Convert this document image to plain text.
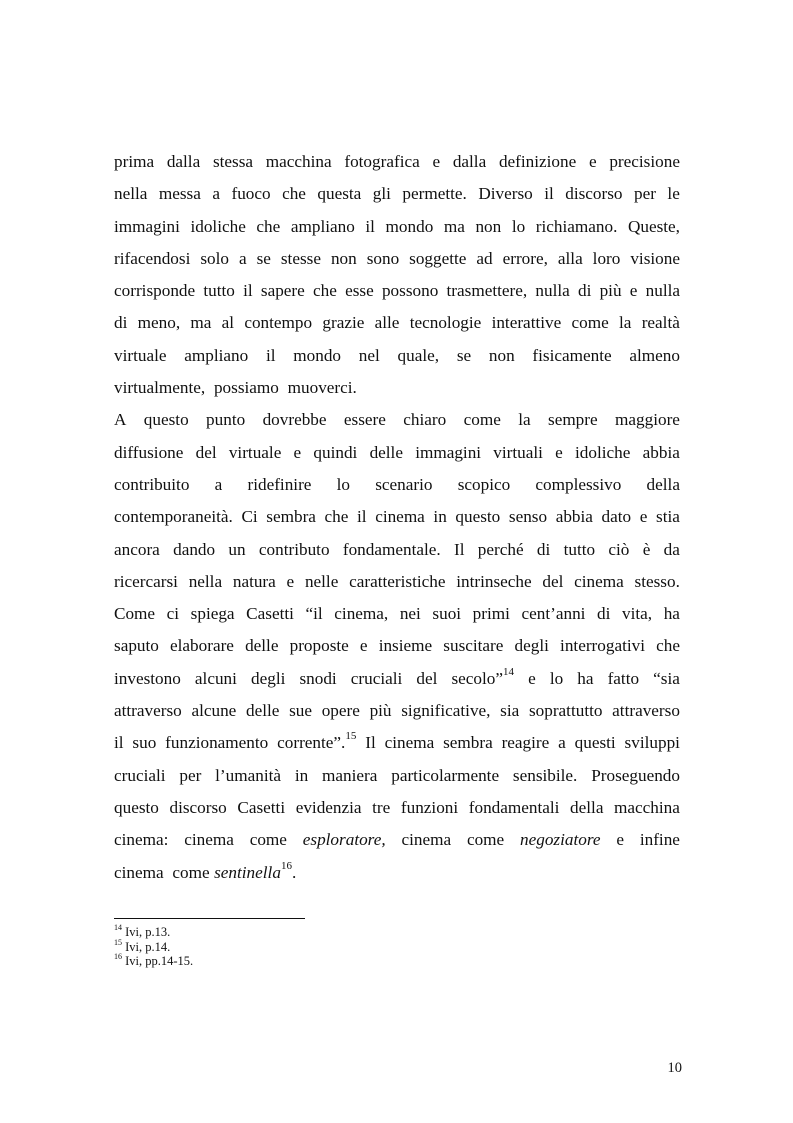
prima dalla stessa macchina fotografica e dalla definizione e precisione
nella messa a fuoco che questa gli permette. Diverso il discorso per le
immagini idoliche che ampliano il mondo ma non lo richiamano. Queste,
rifacendosi solo a se stesse non sono soggette ad errore, alla loro visione
corrisponde tutto il sapere che esse possono trasmettere, nulla di più e nulla
di meno, ma al contempo grazie alle tecnologie interattive come la realtà
virtuale ampliano il mondo nel quale, se non fisicamente almeno
virtualmente, possiamo muoverci.
A questo punto dovrebbe essere chiaro come la sempre maggiore
diffusione del virtuale e quindi delle immagini virtuali e idoliche abbia
contribuito a ridefinire lo scenario scopico complessivo della
contemporaneità. Ci sembra che il cinema in questo senso abbia dato e stia
ancora dando un contributo fondamentale. Il perché di tutto ciò è da
ricercarsi nella natura e nelle caratteristiche intrinseche del cinema stesso.
Come ci spiega Casetti “il cinema, nei suoi primi cent’anni di vita, ha
saputo elaborare delle proposte e insieme suscitare degli interrogativi che
investono alcuni degli snodi cruciali del secolo”$^{14}$ e lo ha fatto “sia
attraverso alcune delle sue opere più significative, sia soprattutto attraverso
il suo funzionamento corrente”.$^{15}$ Il cinema sembra reagire a questi sviluppi
cruciali per l’umanità in maniera particolarmente sensibile. Proseguendo
questo discorso Casetti evidenzia tre funzioni fondamentali della macchina
cinema: cinema come esploratore, cinema come negoziatore e infine
cinema come sentinella$^{16}$.
$^{14}$ Ivi, p.13.
$^{15}$ Ivi, p.14.
$^{16}$ Ivi, pp.14-15.
10
